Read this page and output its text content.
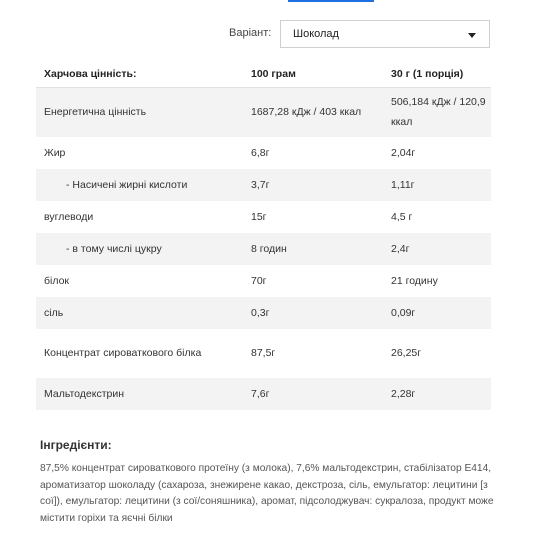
Варіант: Шоколад
Харчова цінність:	100 грам	30 г (1 порція)
Енергетична цінність	1687,28 кДж / 403 ккал	506,184 кДж / 120,9 ккал
Жир	6,8г	2,04г
- Насичені жирні кислоти	3,7г	1,11г
вуглеводи	15г	4,5 г
- в тому числі цукру	8 годин	2,4г
білок	70г	21 годину
сіль	0,3г	0,09г
Концентрат сироваткового білка	87,5г	26,25г
Мальтодекстрин	7,6г	2,28г
Інгредієнти:
87,5% концентрат сироваткового протеїну (з молока), 7,6% мальтодекстрин, стабілізатор E414, ароматизатор шоколаду (сахароза, знежирене какао, декстроза, сіль, емульгатор: лецитини [з сої]), емульгатор: лецитини (з сої/соняшника), аромат, підсолоджувач: сукралоза, продукт може містити горіхи та яєчні білки
